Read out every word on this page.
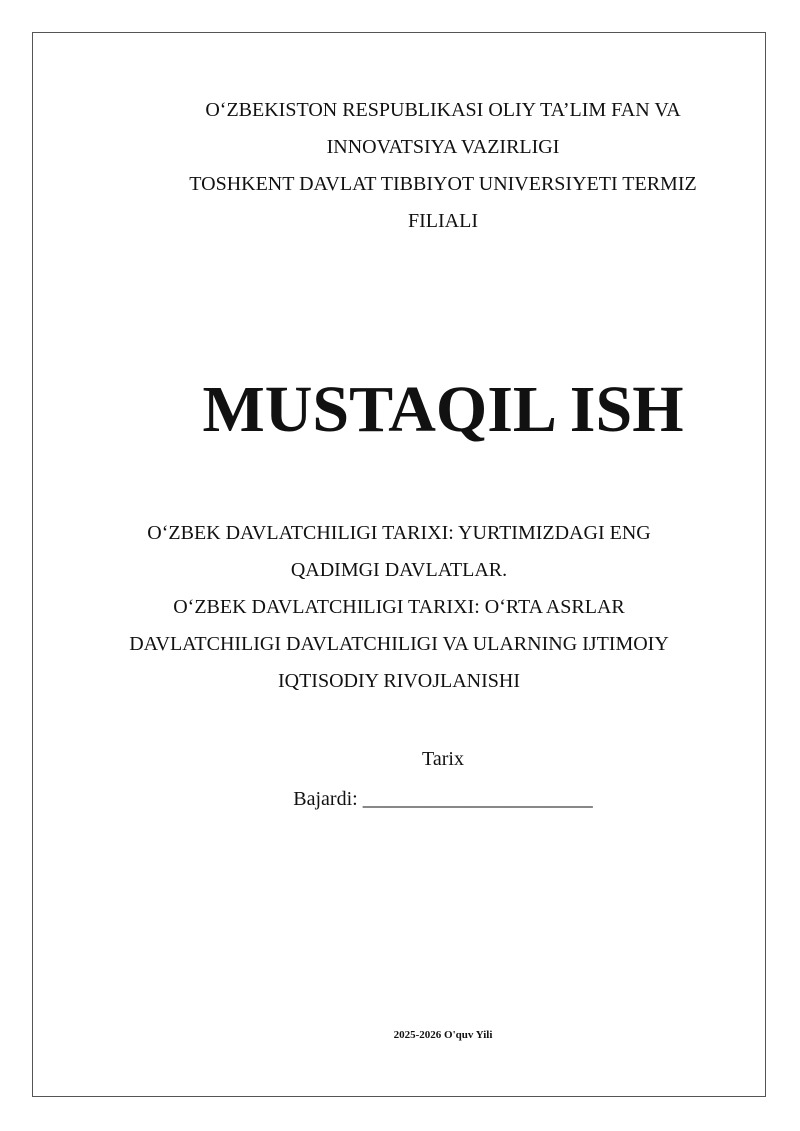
O‘ZBEKISTON RESPUBLIKASI OLIY TA’LIM FAN VA
INNOVATSIYA VAZIRLIGI
TOSHKENT DAVLAT TIBBIYOT UNIVERSIYETI TERMIZ
FILIALI
MUSTAQIL ISH
O‘ZBEK DAVLATCHILIGI TARIXI: YURTIMIZDAGI ENG
QADIMGI DAVLATLAR.
O‘ZBEK DAVLATCHILIGI TARIXI: O‘RTA ASRLAR
DAVLATCHILIGI DAVLATCHILIGI VA ULARNING IJTIMOIY
IQTISODIY RIVOJLANISHI
Tarix
Bajardi: _______________________
2025-2026 O'quv Yili
